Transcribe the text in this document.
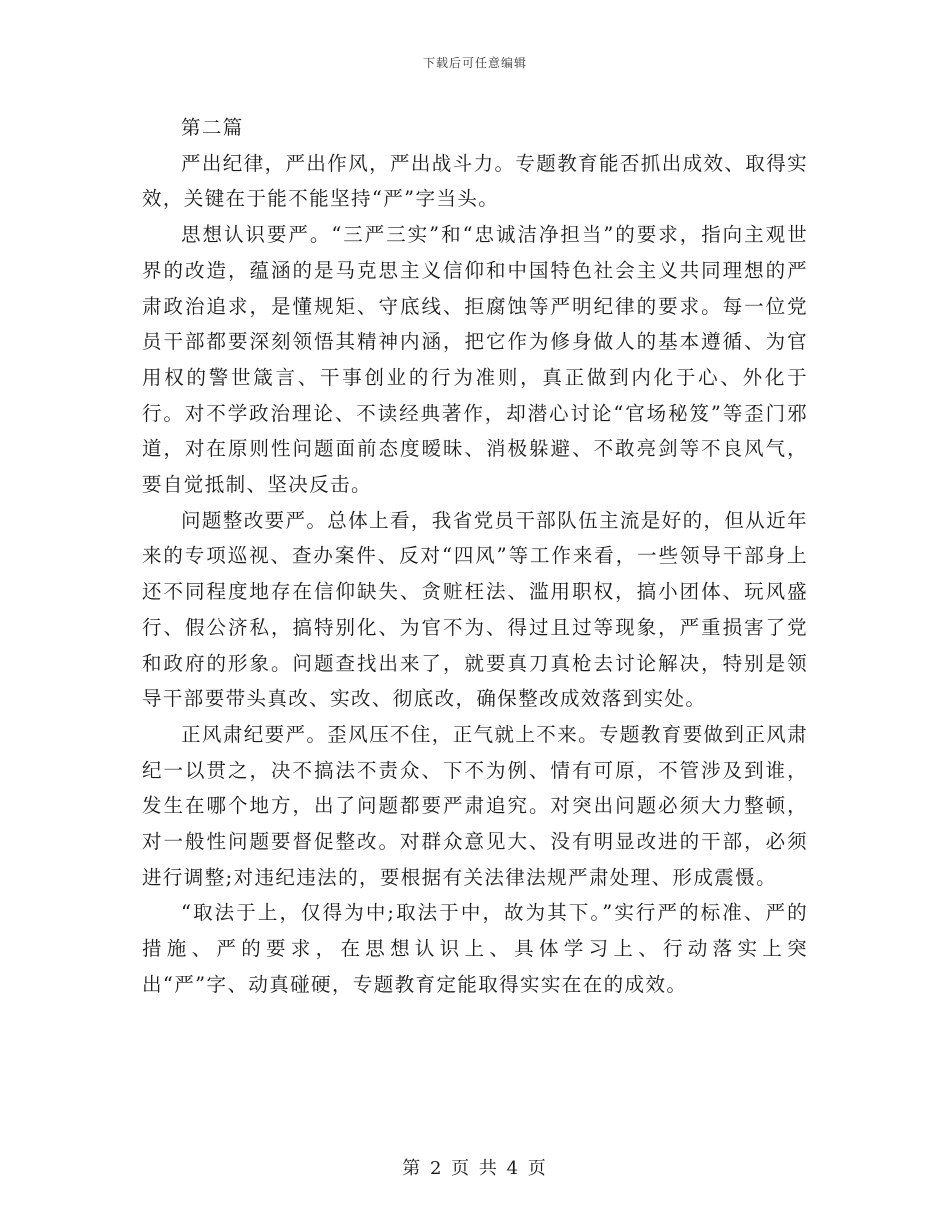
下载后可任意编辑

第二篇

严出纪律，严出作风，严出战斗力。专题教育能否抓出成效、取得实效，关键在于能不能坚持“严”字当头。

思想认识要严。“三严三实”和“忠诚洁净担当”的要求，指向主观世界的改造，蕴涵的是马克思主义信仰和中国特色社会主义共同理想的严肃政治追求，是懂规矩、守底线、拒腐蚀等严明纪律的要求。每一位党员干部都要深刻领悟其精神内涵，把它作为修身做人的基本遵循、为官用权的警世箴言、干事创业的行为准则，真正做到内化于心、外化于行。对不学政治理论、不读经典著作，却潜心讨论“官场秘笈”等歪门邪道，对在原则性问题面前态度暧昧、消极躲避、不敢亮剑等不良风气，要自觉抵制、坚决反击。

问题整改要严。总体上看，我省党员干部队伍主流是好的，但从近年来的专项巡视、查办案件、反对“四风”等工作来看，一些领导干部身上还不同程度地存在信仰缺失、贪赃枉法、滥用职权，搞小团体、玩风盛行、假公济私，搞特别化、为官不为、得过且过等现象，严重损害了党和政府的形象。问题查找出来了，就要真刀真枪去讨论解决，特别是领导干部要带头真改、实改、彻底改，确保整改成效落到实处。

正风肃纪要严。歪风压不住，正气就上不来。专题教育要做到正风肃纪一以贯之，决不搞法不责众、下不为例、情有可原，不管涉及到谁，发生在哪个地方，出了问题都要严肃追究。对突出问题必须大力整顿，对一般性问题要督促整改。对群众意见大、没有明显改进的干部，必须进行调整;对违纪违法的，要根据有关法律法规严肃处理、形成震慑。

“取法于上，仅得为中;取法于中，故为其下。”实行严的标准、严的措施、严的要求，在思想认识上、具体学习上、行动落实上突出“严”字、动真碰硬，专题教育定能取得实实在在的成效。

第 2 页 共 4 页
